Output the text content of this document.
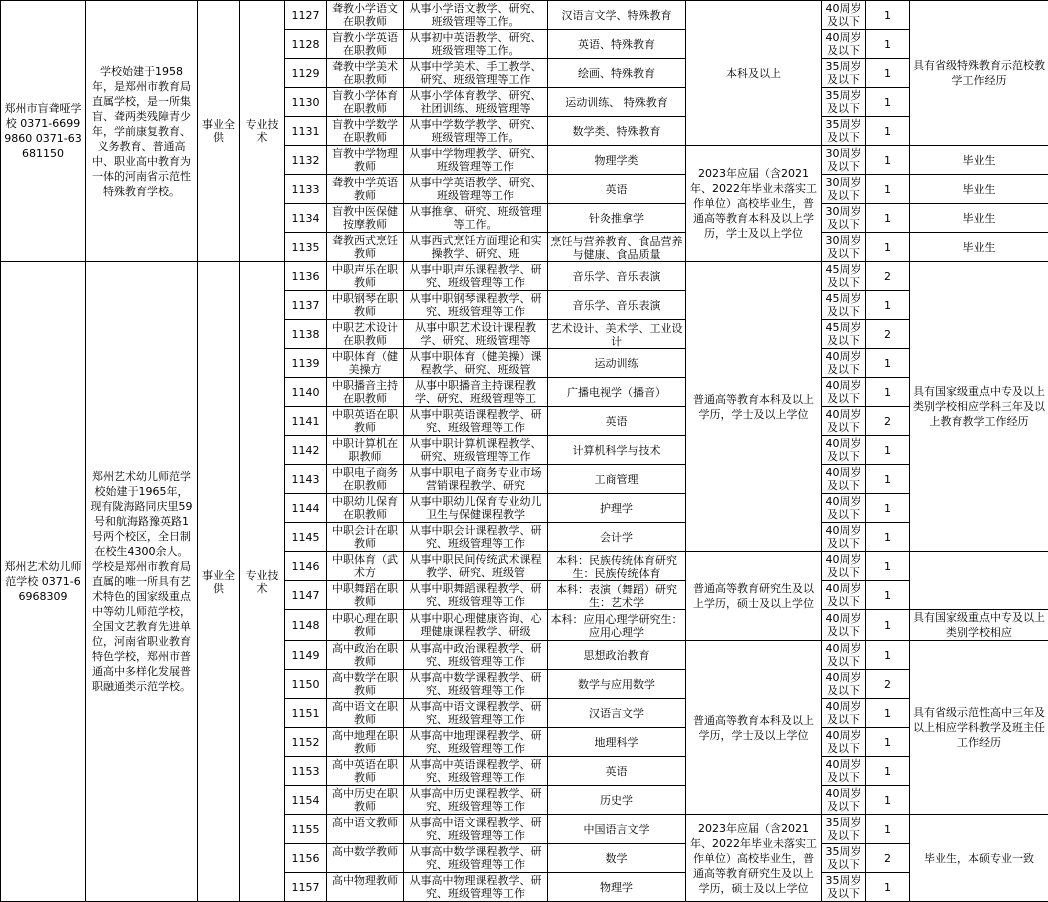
郑州市盲聋哑学校 0371-66999860 0371-63681150	学校始建于1958年，是郑州市教育局直属学校，是一所集盲、聋两类残障青少年，学前康复教育、义务教育、普通高中、职业高中教育为一体的河南省示范性特殊教育学校。	事业全供	专业技术	1127	聋教小学语文在职教师	从事小学语文教学、研究、班级管理等工作。	汉语言文学、特殊教育	本科及以上	40周岁及以下	1	具有省级特殊教育示范校教学工作经历
				1128	盲教小学英语在职教师	从事初中英语教学、研究、班级管理等工作。	英语、特殊教育		40周岁及以下	1	
				1129	聋教中学美术在职教师	从事中学美术、手工教学、研究、班级管理等工作	绘画、特殊教育		35周岁及以下	1	
				1130	盲教小学体育在职教师	从事小学体育教学、研究、社团训练、班级管理等	运动训练、 特殊教育		35周岁及以下	1	
				1131	盲教中学数学在职教师	从事中学数学教学、研究、班级管理等工作。	数学类、特殊教育		35周岁及以下	1	
				1132	盲教中学物理教师	从事中学物理教学、研究、班级管理等工作	物理学类	2023年应届（含2021年、2022年毕业未落实工作单位）高校毕业生，普通高等教育本科及以上学历，学士及以上学位	30周岁及以下	1	毕业生
				1133	聋教中学英语教师	从事中学英语教学、研究、班级管理等工作	英语		30周岁及以下	1	毕业生
				1134	盲教中医保健按摩教师	从事推拿、研究、班级管理等工作。	针灸推拿学		30周岁及以下	1	毕业生
				1135	聋教西式烹饪教师	从事西式烹饪方面理论和实操教学、研究、班	烹饪与营养教育、食品营养与健康、食品质量		30周岁及以下	1	毕业生
郑州艺术幼儿师范学校 0371-66968309	郑州艺术幼儿师范学校始建于1965年，现有陇海路同庆里59号和航海路豫英路1号两个校区，全日制在校生4300余人。学校是郑州市教育局直属的唯一所具有艺术特色的国家级重点中等幼儿师范学校，全国文艺教育先进单位，河南省职业教育特色学校，郑州市普通高中多样化发展普职融通类示范学校。	事业全供	专业技术	1136	中职声乐在职教师	从事中职声乐课程教学、研究、班级管理等工作	音乐学、音乐表演	普通高等教育本科及以上学历，学士及以上学位	45周岁及以下	2	具有国家级重点中专及以上类别学校相应学科三年及以上教育教学工作经历
				1137	中职钢琴在职教师	从事中职钢琴课程教学、研究、班级管理等工作	音乐学、音乐表演		45周岁及以下	1	
				1138	中职艺术设计在职教师	从事中职艺术设计课程教学、研究、班级管理等	艺术设计、美术学、工业设计		45周岁及以下	2	
				1139	中职体育（健美操方	从事中职体育（健美操）课程教学、研究、班级管	运动训练		40周岁及以下	1	
				1140	中职播音主持在职教师	从事中职播音主持课程教学、研究、班级管理等工	广播电视学（播音）		40周岁及以下	1	
				1141	中职英语在职教师	从事中职英语课程教学、研究、班级管理等工作	英语		40周岁及以下	2	
				1142	中职计算机在职教师	从事中职计算机课程教学、研究、班级管理等工作	计算机科学与技术		40周岁及以下	1	
				1143	中职电子商务在职教师	从事中职电子商务专业市场营销课程教学、研究	工商管理		40周岁及以下	1	
				1144	中职幼儿保育在职教师	从事中职幼儿保育专业幼儿卫生与保健课程教学	护理学		40周岁及以下	1	
				1145	中职会计在职教师	从事中职会计课程教学、研究、班级管理等工作	会计学		40周岁及以下	1	
				1146	中职体育（武术方	从事中职民间传统武术课程教学、研究、班级管	本科：民族传统体育研究生：民族传统体育	普通高等教育研究生及以上学历，硕士及以上学位	40周岁及以下	1	
				1147	中职舞蹈在职教师	从事中职舞蹈课程教学、研究、班级管理等工作	本科：表演（舞蹈）研究生：艺术学		40周岁及以下	1	
				1148	中职心理在职教师	从事中职心理健康咨询、心理健康课程教学、研级	本科：应用心理学研究生：应用心理学		40周岁及以下	1	具有国家级重点中专及以上类别学校相应
				1149	高中政治在职教师	从事高中政治课程教学、研究、班级管理等工作	思想政治教育	普通高等教育本科及以上学历，学士及以上学位	40周岁及以下	1	具有省级示范性高中三年及以上相应学科教学及班主任工作经历
				1150	高中数学在职教师	从事高中数学课程教学、研究、班级管理等工作	数学与应用数学		40周岁及以下	2	
				1151	高中语文在职教师	从事高中语文课程教学、研究、班级管理等工作	汉语言文学		40周岁及以下	1	
				1152	高中地理在职教师	从事高中地理课程教学、研究、班级管理等工作	地理科学		40周岁及以下	1	
				1153	高中英语在职教师	从事高中英语课程教学、研究、班级管理等工作	英语		40周岁及以下	1	
				1154	高中历史在职教师	从事高中历史课程教学、研究、班级管理等工作	历史学		40周岁及以下	1	
				1155	高中语文教师	从事高中语文课程教学、研究、班级管理等工作	中国语言文学	2023年应届（含2021年、2022年毕业未落实工作单位）高校毕业生，普通高等教育研究生及以上学历，硕士及以上学位	35周岁及以下	1	毕业生，本硕专业一致
				1156	高中数学教师	从事高中数学课程教学、研究、班级管理等工作	数学		35周岁及以下	2	
				1157	高中物理教师	从事高中物理课程教学、研究、班级管理等工作	物理学		35周岁及以下	1	
